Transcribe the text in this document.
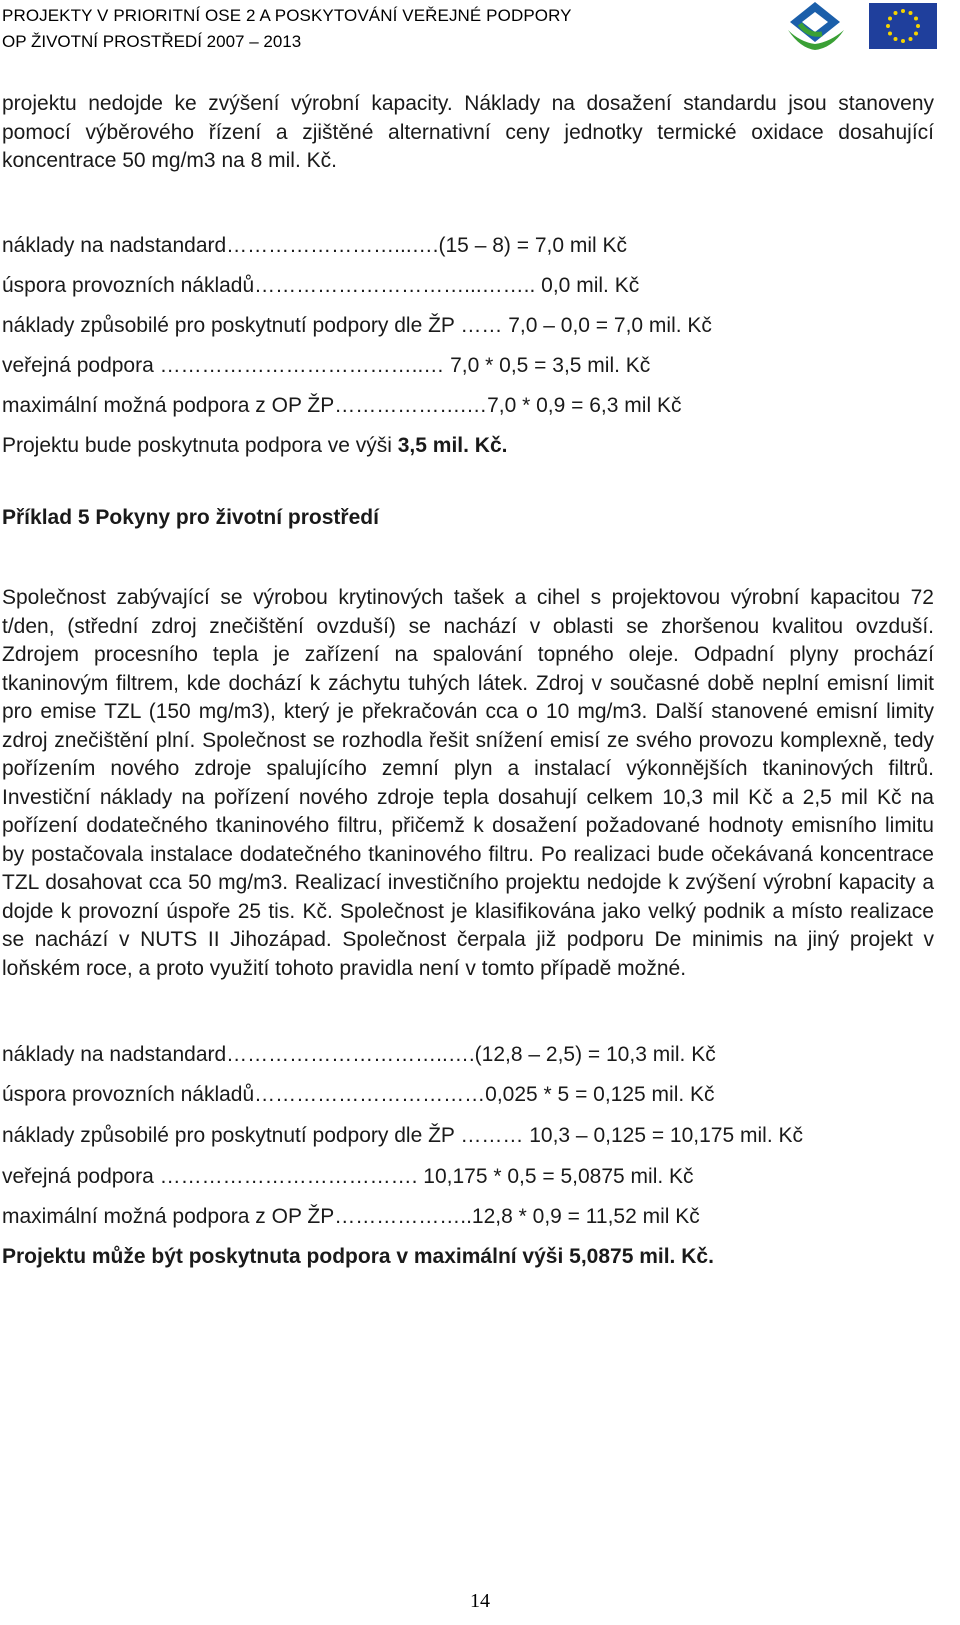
PROJEKTY V PRIORITNÍ OSE 2 A POSKYTOVÁNÍ VEŘEJNÉ PODPORY
OP ŽIVOTNÍ PROSTŘEDÍ 2007 – 2013

projektu nedojde ke zvýšení výrobní kapacity. Náklady na dosažení standardu jsou stanoveny pomocí výběrového řízení a zjištěné alternativní ceny jednotky termické oxidace dosahující koncentrace 50 mg/m3 na 8 mil. Kč.

náklady na nadstandard……………………...….(15 – 8) = 7,0 mil Kč

úspora provozních nákladů…………………………...…….. 0,0 mil. Kč

náklady způsobilé pro poskytnutí podpory dle ŽP …… 7,0 – 0,0 = 7,0 mil. Kč

veřejná podpora ………………………………..… 7,0 * 0,5 = 3,5 mil. Kč

maximální možná podpora z OP ŽP……………….…7,0 * 0,9 = 6,3 mil Kč

Projektu bude poskytnuta podpora ve výši 3,5 mil. Kč.

Příklad 5 Pokyny pro životní prostředí

Společnost zabývající se výrobou krytinových tašek a cihel s projektovou výrobní kapacitou 72 t/den, (střední zdroj znečištění ovzduší) se nachází v oblasti se zhoršenou kvalitou ovzduší. Zdrojem procesního tepla je zařízení na spalování topného oleje. Odpadní plyny prochází tkaninovým filtrem, kde dochází k záchytu tuhých látek. Zdroj v současné době neplní emisní limit pro emise TZL (150 mg/m3), který je překračován cca o 10 mg/m3. Další stanovené emisní limity zdroj znečištění plní. Společnost se rozhodla řešit snížení emisí ze svého provozu komplexně, tedy pořízením nového zdroje spalujícího zemní plyn a instalací výkonnějších tkaninových filtrů. Investiční náklady na pořízení nového zdroje tepla dosahují celkem 10,3 mil Kč a 2,5 mil Kč na pořízení dodatečného tkaninového filtru, přičemž k dosažení požadované hodnoty emisního limitu by postačovala instalace dodatečného tkaninového filtru. Po realizaci bude očekávaná koncentrace TZL dosahovat cca 50 mg/m3. Realizací investičního projektu nedojde k zvýšení výrobní kapacity a dojde k provozní úspoře 25 tis. Kč. Společnost je klasifikována jako velký podnik a místo realizace se nachází v NUTS II Jihozápad. Společnost čerpala již podporu De minimis na jiný projekt v loňském roce, a proto využití tohoto pravidla není v tomto případě možné.

náklady na nadstandard…………………………..….(12,8 – 2,5) = 10,3 mil. Kč

úspora provozních nákladů……………………………0,025 * 5 = 0,125 mil. Kč

náklady způsobilé pro poskytnutí podpory dle ŽP ……… 10,3 – 0,125 = 10,175 mil. Kč

veřejná podpora ………………………………. 10,175 * 0,5 = 5,0875 mil. Kč

maximální možná podpora z OP ŽP………………..12,8 * 0,9 = 11,52 mil Kč

Projektu může být poskytnuta podpora v maximální výši 5,0875 mil. Kč.

14
